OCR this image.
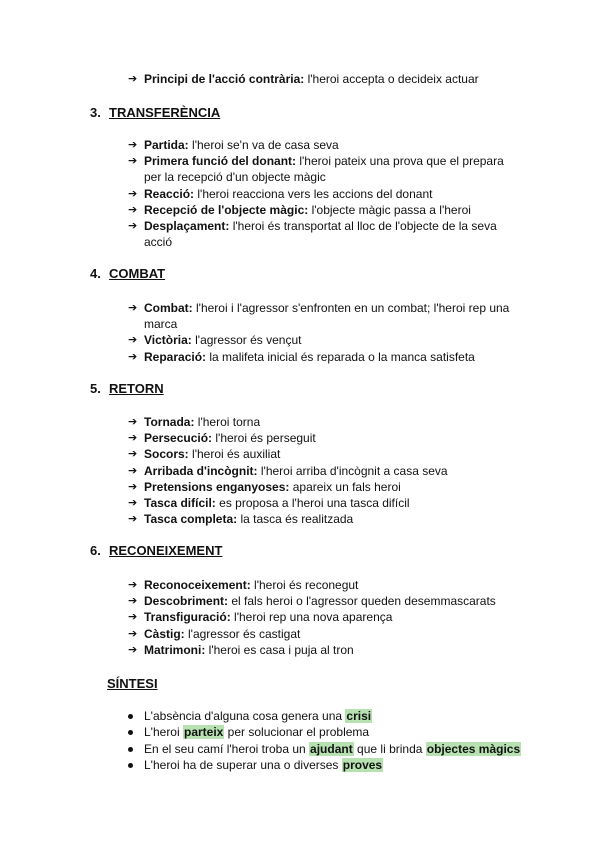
➔ Principi de l'acció contrària: l'heroi accepta o decideix actuar
3. TRANSFERÈNCIA
➔ Partida: l'heroi se'n va de casa seva
➔ Primera funció del donant: l'heroi pateix una prova que el prepara per la recepció d'un objecte màgic
➔ Reacció: l'heroi reacciona vers les accions del donant
➔ Recepció de l'objecte màgic: l'objecte màgic passa a l'heroi
➔ Desplaçament: l'heroi és transportat al lloc de l'objecte de la seva acció
4. COMBAT
➔ Combat: l'heroi i l'agressor s'enfronten en un combat; l'heroi rep una marca
➔ Victòria: l'agressor és vençut
➔ Reparació: la malifeta inicial és reparada o la manca satisfeta
5. RETORN
➔ Tornada: l'heroi torna
➔ Persecució: l'heroi és perseguit
➔ Socors: l'heroi és auxiliat
➔ Arribada d'incògnit: l'heroi arriba d'incògnit a casa seva
➔ Pretensions enganyoses: apareix un fals heroi
➔ Tasca difícil: es proposa a l'heroi una tasca difícil
➔ Tasca completa: la tasca és realitzada
6. RECONEIXEMENT
➔ Reconoceixement: l'heroi és reconegut
➔ Descobriment: el fals heroi o l'agressor queden desemmascarats
➔ Transfiguració: l'heroi rep una nova aparença
➔ Càstig: l'agressor és castigat
➔ Matrimoni: l'heroi es casa i puja al tron
SÍNTESI
L'absència d'alguna cosa genera una crisi
L'heroi parteix per solucionar el problema
En el seu camí l'heroi troba un ajudant que li brinda objectes màgics
L'heroi ha de superar una o diverses proves
